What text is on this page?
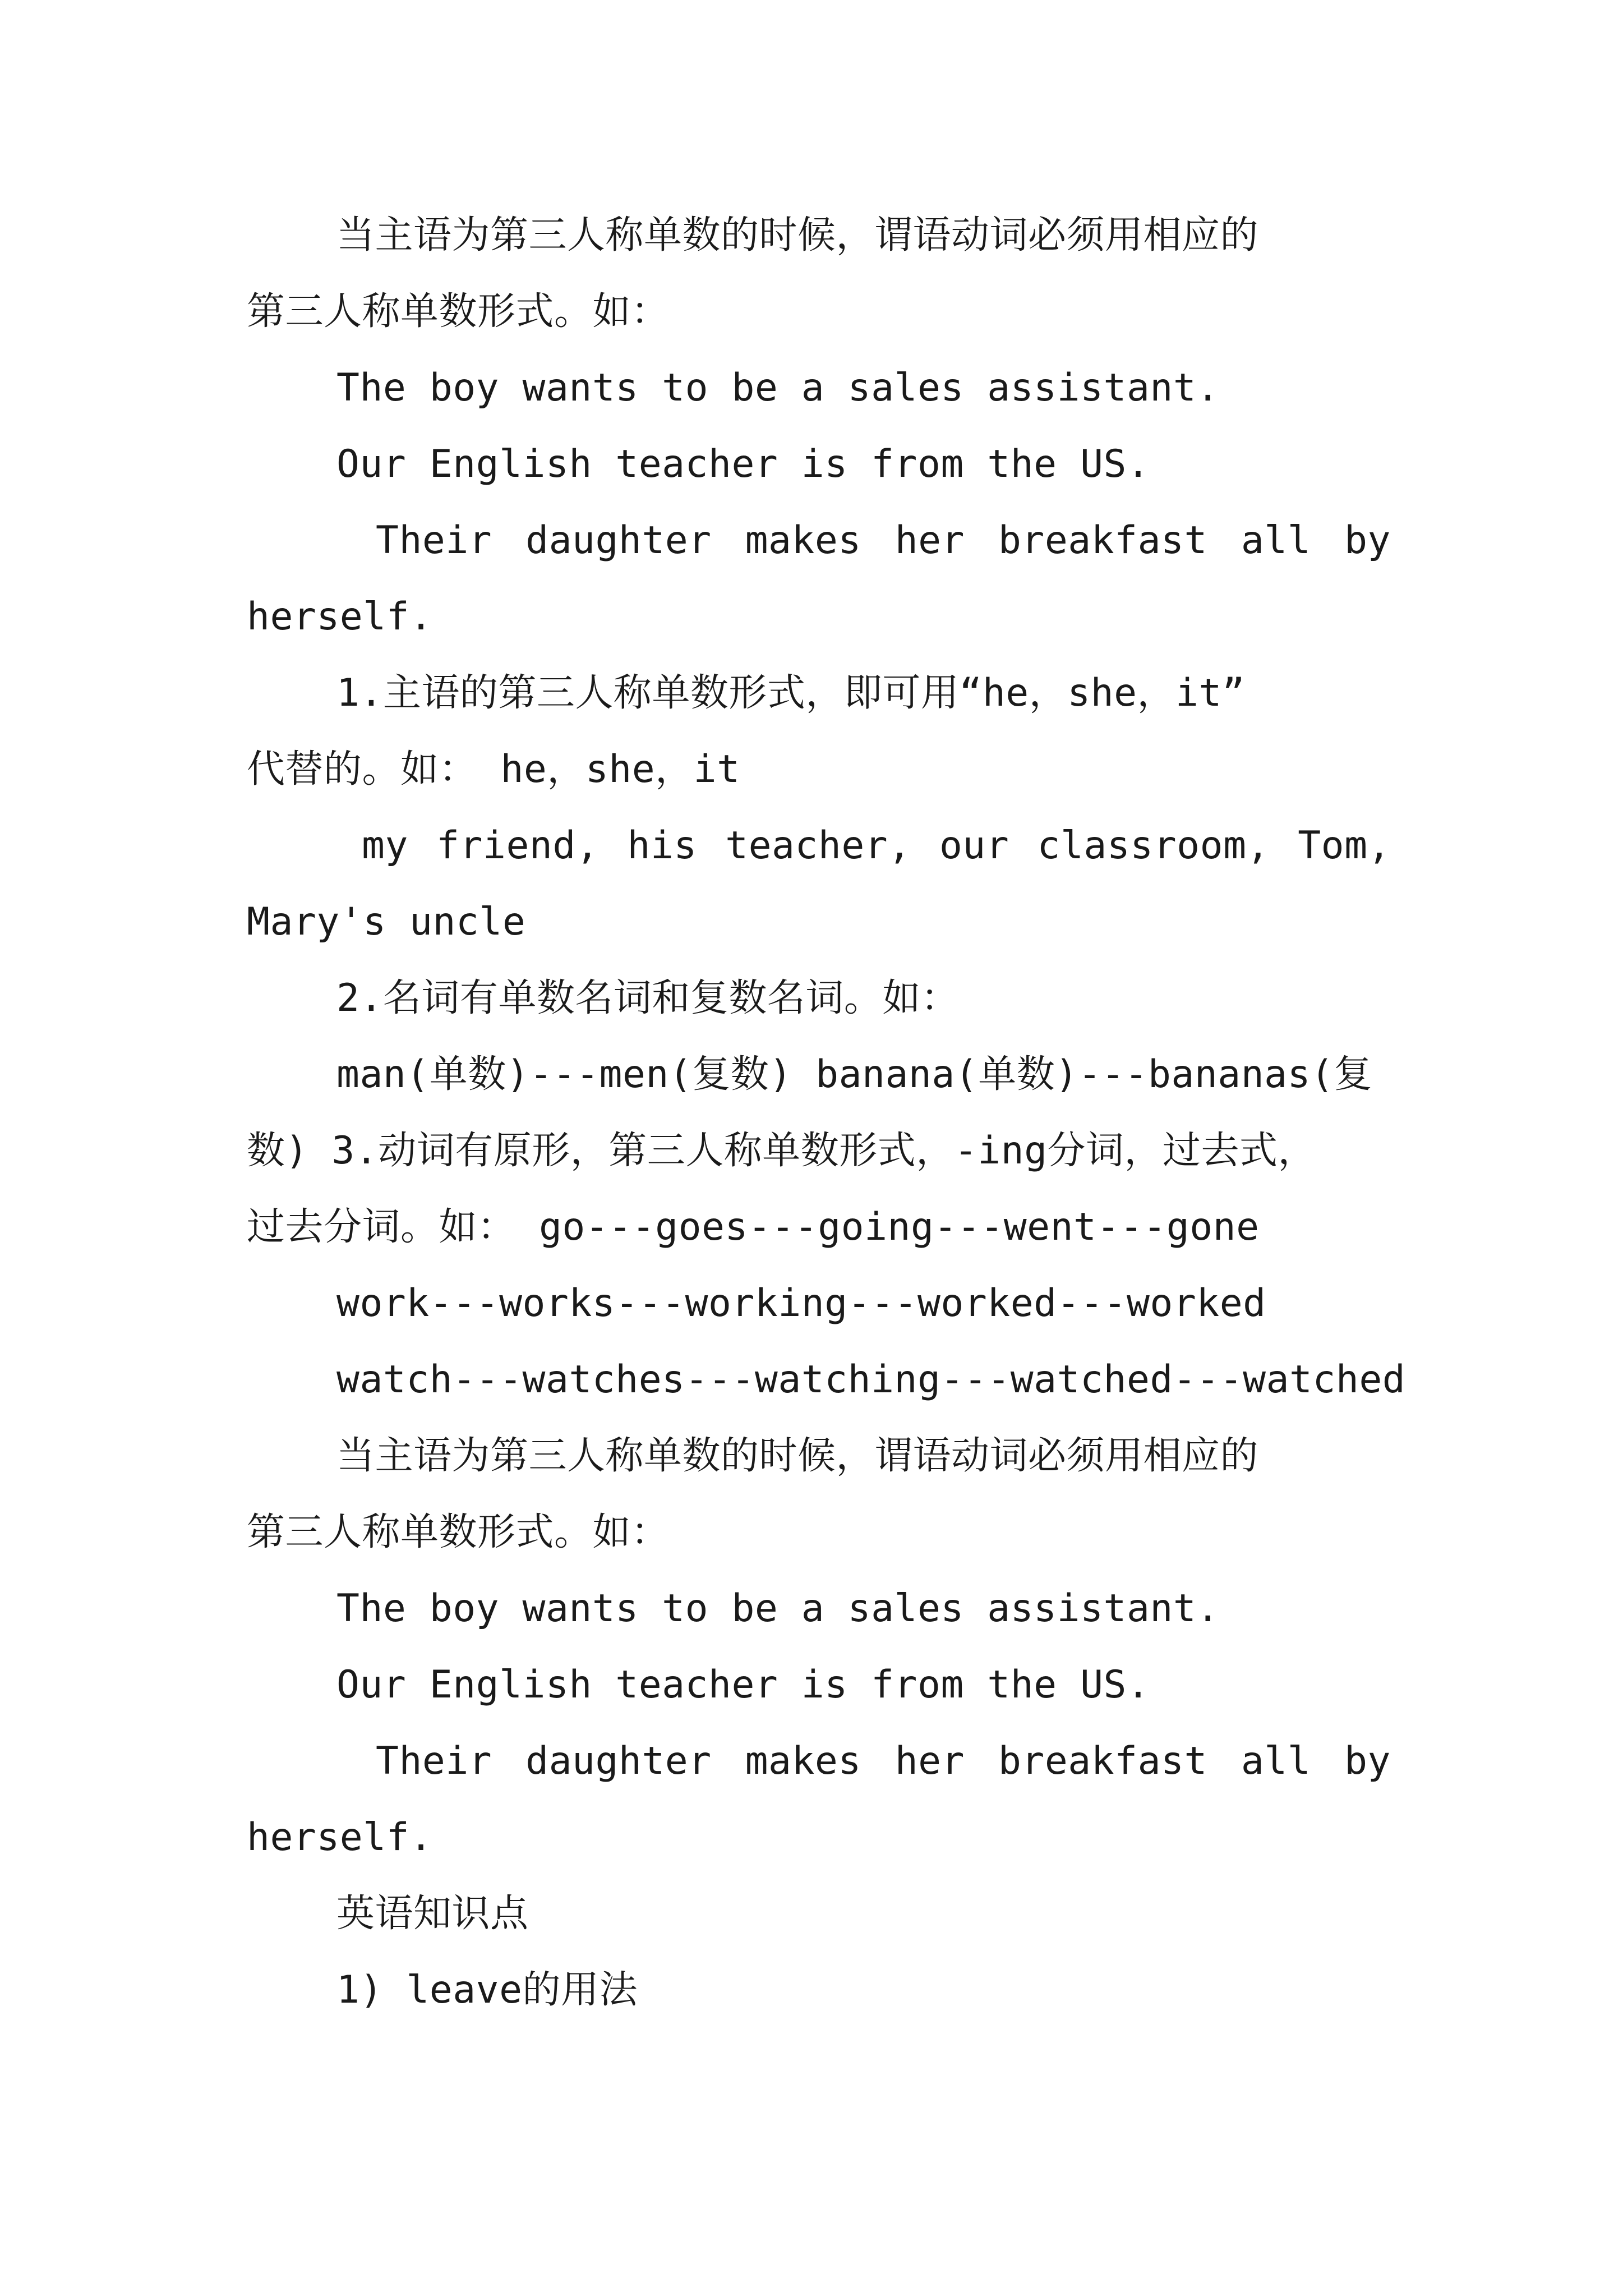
当主语为第三人称单数的时候，谓语动词必须用相应的
第三人称单数形式。如：
The boy wants to be a sales assistant.
Our English teacher is from the US.
Their daughter makes her breakfast all by
herself.
1.主语的第三人称单数形式，即可用“he，she，it”
代替的。如： he，she，it
my friend, his teacher, our classroom, Tom,
Mary's uncle
2.名词有单数名词和复数名词。如：
man(单数)---men(复数) banana(单数)---bananas(复
数) 3.动词有原形，第三人称单数形式，-ing分词，过去式，
过去分词。如： go---goes---going---went---gone
work---works---working---worked---worked
watch---watches---watching---watched---watched
当主语为第三人称单数的时候，谓语动词必须用相应的
第三人称单数形式。如：
The boy wants to be a sales assistant.
Our English teacher is from the US.
Their daughter makes her breakfast all by
herself.
英语知识点
1) leave的用法
